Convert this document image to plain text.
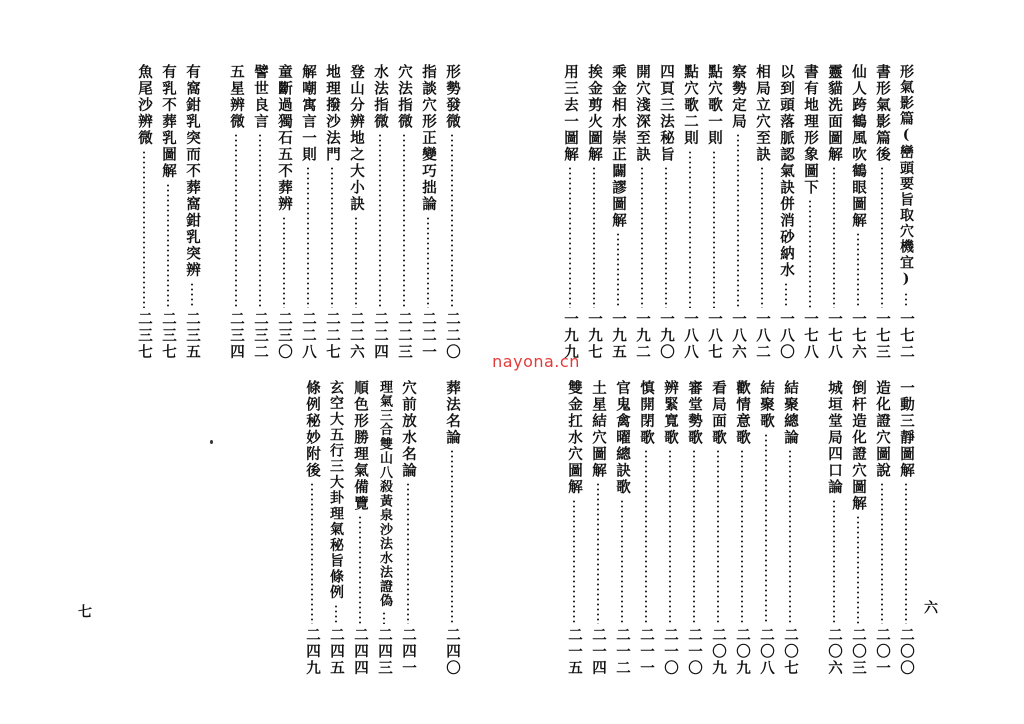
形氣影篇(巒頭要旨取穴機宜)
一七二
書形氣影篇後
一七三
仙人跨鶴風吹鶴眼圖解
一七六
靈貓洗面圖解
一七八
書有地理形象圖下
一七八
以到頭落脈認氣訣併消砂納水
一八〇
相局立穴至訣
一八二
察勢定局
一八六
點穴歌一則
一八七
點穴歌二則
一八八
四頁三法秘旨
一九〇
開穴淺深至訣
一九二
乘金相水崇正闢謬圖解
一九五
挨金剪火圖解
一九七
用三去一圖解
一九九
一動三靜圖解
二〇〇
造化證穴圖說
二〇一
倒杆造化證穴圖解
二〇三
城垣堂局四口論
二〇六
結聚總論
二〇七
結聚歌
二〇八
歡情意歌
二〇九
看局面歌
二〇九
審堂勢歌
二一〇
辨緊寬歌
二一〇
慎開閉歌
二一一
官鬼禽曜總訣歌
二一二
土星結穴圖解
二一四
雙金扛水穴圖解
二一五
六
形勢發微
二二〇
指談穴形正變巧拙論
二二一
穴法指微
二二三
水法指微
二二四
登山分辨地之大小訣
二二六
地理撥沙法門
二二七
解嘲寓言一則
二二八
童斷過獨石五不葬辨
二三〇
譬世良言
二三二
五星辨微
二三四
有窩鉗乳突而不葬窩鉗乳突辨
二三五
有乳不葬乳圖解
二三七
魚尾沙辨微
二三七
葬法名論
二四〇
穴前放水名論
二四一
理氣三合雙山八殺黃泉沙法水法證偽
二四三
順色形勝理氣備覽
二四四
玄空大五行三大卦理氣秘旨條例
二四五
條例秘妙附後
二四九
七
nayona.cn
